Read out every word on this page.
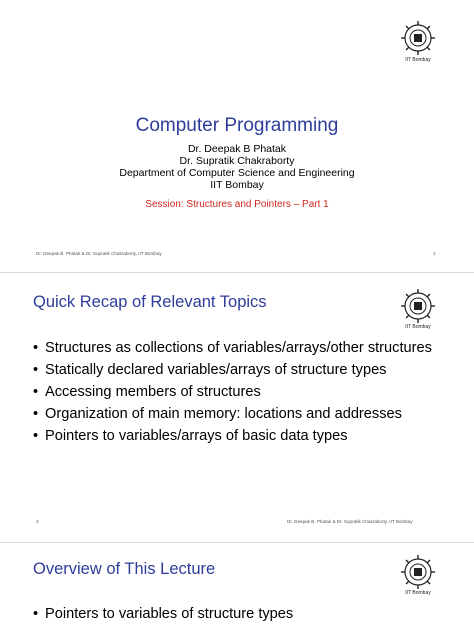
IIT Bombay
Computer Programming
Dr. Deepak B Phatak
Dr. Supratik Chakraborty
Department of Computer Science and Engineering
IIT Bombay
Session: Structures and Pointers – Part 1
Dr. Deepak B. Phatak & Dr. Supratik Chakraborty, IIT Bombay	1
IIT Bombay
Quick Recap of Relevant Topics
• Structures as collections of variables/arrays/other structures
• Statically declared variables/arrays of structure types
• Accessing members of structures
• Organization of main memory: locations and addresses
• Pointers to variables/arrays of basic data types
2	Dr. Deepak B. Phatak & Dr. Supratik Chakraborty, IIT Bombay
IIT Bombay
Overview of This Lecture
• Pointers to variables of structure types
